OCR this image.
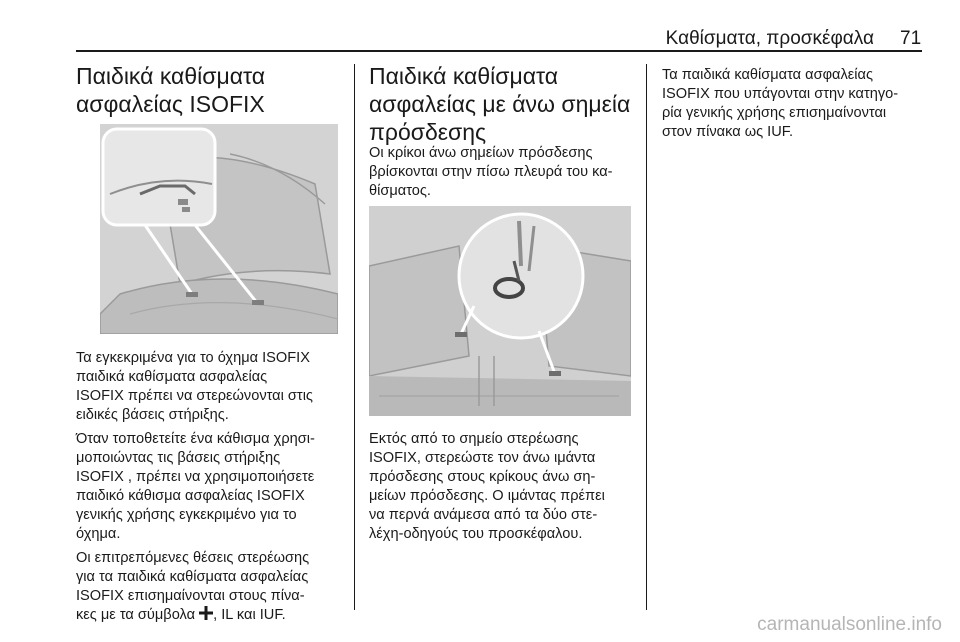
Καθίσματα, προσκέφαλα 71
Παιδικά καθίσματα
ασφαλείας ISOFIX

Τα εγκεκριμένα για το όχημα ISOFIX
παιδικά καθίσματα ασφαλείας
ISOFIX πρέπει να στερεώνονται στις
ειδικές βάσεις στήριξης.

Όταν τοποθετείτε ένα κάθισμα χρησι-
μοποιώντας τις βάσεις στήριξης
ISOFIX , πρέπει να χρησιμοποιήσετε
παιδικό κάθισμα ασφαλείας ISOFIX
γενικής χρήσης εγκεκριμένο για το
όχημα.

Οι επιτρεπόμενες θέσεις στερέωσης
για τα παιδικά καθίσματα ασφαλείας
ISOFIX επισημαίνονται στους πίνα-
κες με τα σύμβολα , IL και IUF.

Παιδικά καθίσματα
ασφαλείας με άνω σημεία
πρόσδεσης

Οι κρίκοι άνω σημείων πρόσδεσης
βρίσκονται στην πίσω πλευρά του κα-
θίσματος.

Εκτός από το σημείο στερέωσης
ISOFIX, στερεώστε τον άνω ιμάντα
πρόσδεσης στους κρίκους άνω ση-
μείων πρόσδεσης. Ο ιμάντας πρέπει
να περνά ανάμεσα από τα δύο στε-
λέχη-οδηγούς του προσκέφαλου.

Τα παιδικά καθίσματα ασφαλείας
ISOFIX που υπάγονται στην κατηγο-
ρία γενικής χρήσης επισημαίνονται
στον πίνακα ως IUF.

carmanualsonline.info
